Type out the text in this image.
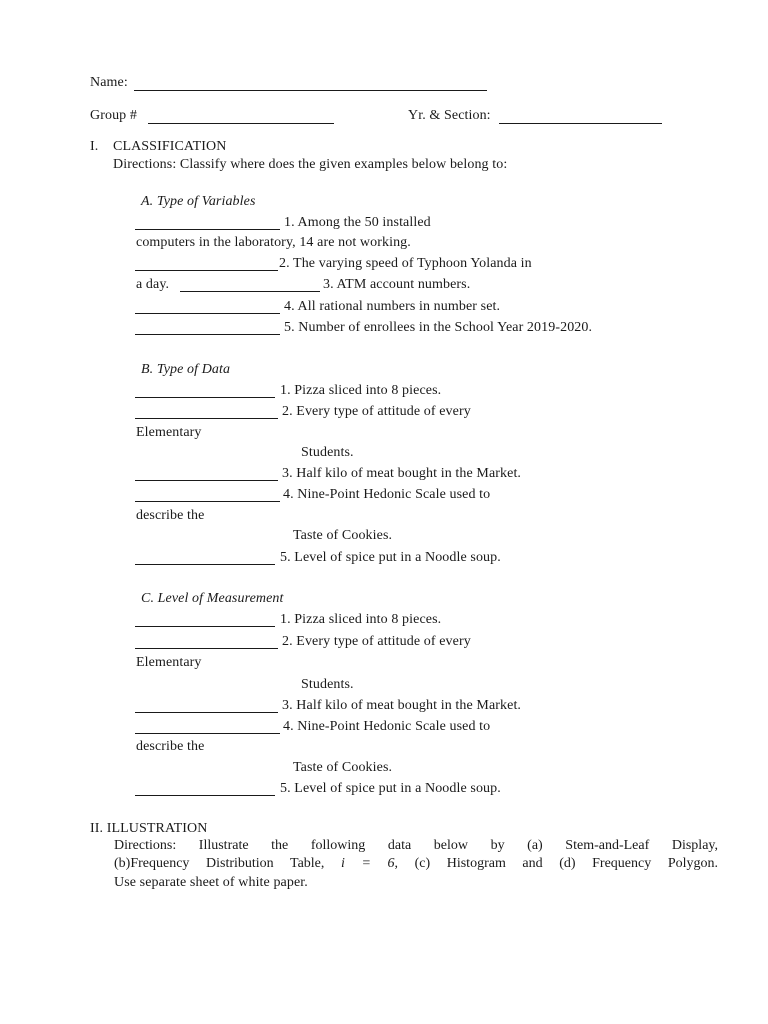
Name:
Group #	Yr. & Section:
I. CLASSIFICATION
Directions: Classify where does the given examples below belong to:
A. Type of Variables
1. Among the 50 installed
computers in the laboratory, 14 are not working.
2. The varying speed of Typhoon Yolanda in
a day.	3. ATM account numbers.
4. All rational numbers in number set.
5. Number of enrollees in the School Year 2019-2020.
B. Type of Data
1. Pizza sliced into 8 pieces.
2. Every type of attitude of every
Elementary
Students.
3. Half kilo of meat bought in the Market.
4. Nine-Point Hedonic Scale used to
describe the
Taste of Cookies.
5. Level of spice put in a Noodle soup.
C. Level of Measurement
1. Pizza sliced into 8 pieces.
2. Every type of attitude of every
Elementary
Students.
3. Half kilo of meat bought in the Market.
4. Nine-Point Hedonic Scale used to
describe the
Taste of Cookies.
5. Level of spice put in a Noodle soup.
II. ILLUSTRATION
Directions: Illustrate the following data below by (a) Stem-and-Leaf Display,
(b)Frequency Distribution Table, i = 6, (c) Histogram and (d) Frequency Polygon.
Use separate sheet of white paper.
